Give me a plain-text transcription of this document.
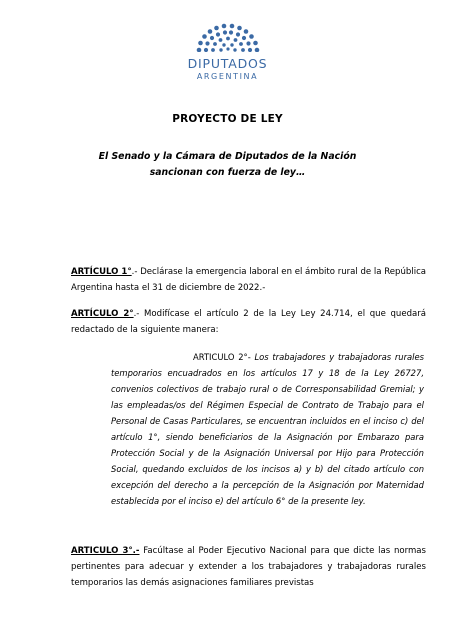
DIPUTADOS
ARGENTINA
PROYECTO DE LEY
El Senado y la Cámara de Diputados de la Nación
sancionan con fuerza de ley…
ARTÍCULO 1°.- Declárase la emergencia laboral en el ámbito rural de la República Argentina hasta el 31 de diciembre de 2022.-
ARTÍCULO 2°.- Modifícase el artículo 2 de la Ley Ley 24.714, el que quedará redactado de la siguiente manera:
ARTICULO 2°- Los trabajadores y trabajadoras rurales temporarios encuadrados en los artículos 17 y 18 de la Ley 26727, convenios colectivos de trabajo rural o de Corresponsabilidad Gremial; y las empleadas/os del Régimen Especial de Contrato de Trabajo para el Personal de Casas Particulares, se encuentran incluidos en el inciso c) del artículo 1°, siendo beneficiarios de la Asignación por Embarazo para Protección Social y de la Asignación Universal por Hijo para Protección Social, quedando excluidos de los incisos a) y b) del citado artículo con excepción del derecho a la percepción de la Asignación por Maternidad establecida por el inciso e) del artículo 6° de la presente ley.
ARTICULO 3°.- Facúltase al Poder Ejecutivo Nacional para que dicte las normas pertinentes para adecuar y extender a los trabajadores y trabajadoras rurales temporarios las demás asignaciones familiares previstas
